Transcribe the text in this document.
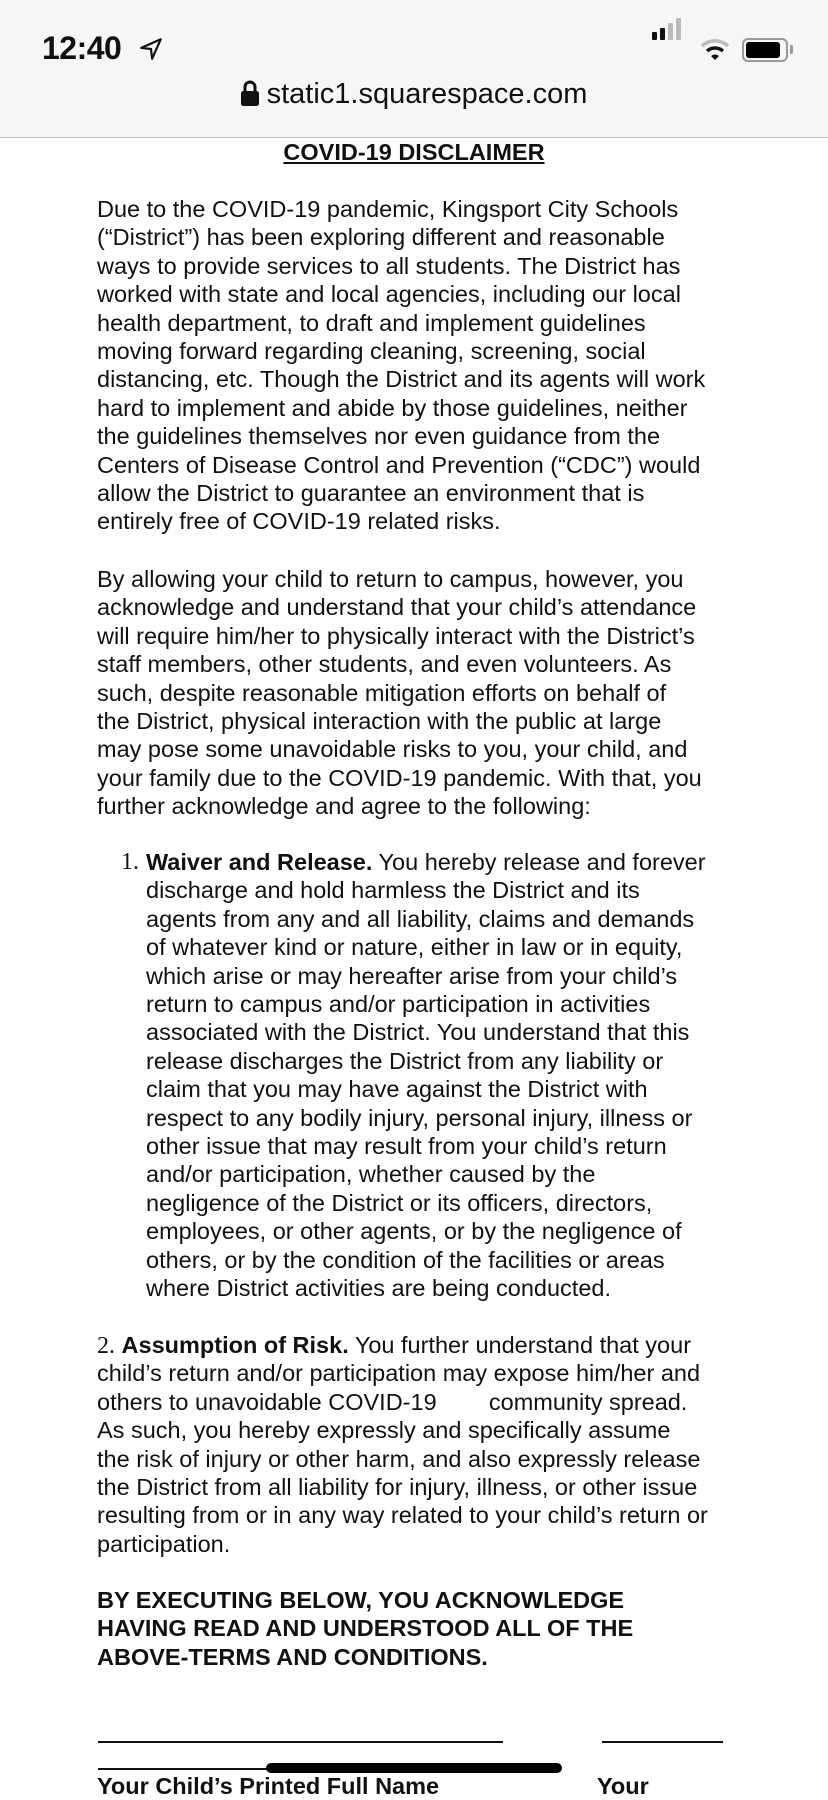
12:40
static1.squarespace.com
COVID-19 DISCLAIMER
Due to the COVID-19 pandemic, Kingsport City Schools
(“District”) has been exploring different and reasonable
ways to provide services to all students. The District has
worked with state and local agencies, including our local
health department, to draft and implement guidelines
moving forward regarding cleaning, screening, social
distancing, etc. Though the District and its agents will work
hard to implement and abide by those guidelines, neither
the guidelines themselves nor even guidance from the
Centers of Disease Control and Prevention (“CDC”) would
allow the District to guarantee an environment that is
entirely free of COVID-19 related risks.
By allowing your child to return to campus, however, you
acknowledge and understand that your child’s attendance
will require him/her to physically interact with the District’s
staff members, other students, and even volunteers. As
such, despite reasonable mitigation efforts on behalf of
the District, physical interaction with the public at large
may pose some unavoidable risks to you, your child, and
your family due to the COVID-19 pandemic. With that, you
further acknowledge and agree to the following:
1. Waiver and Release. You hereby release and forever
discharge and hold harmless the District and its
agents from any and all liability, claims and demands
of whatever kind or nature, either in law or in equity,
which arise or may hereafter arise from your child’s
return to campus and/or participation in activities
associated with the District. You understand that this
release discharges the District from any liability or
claim that you may have against the District with
respect to any bodily injury, personal injury, illness or
other issue that may result from your child’s return
and/or participation, whether caused by the
negligence of the District or its officers, directors,
employees, or other agents, or by the negligence of
others, or by the condition of the facilities or areas
where District activities are being conducted.
2. Assumption of Risk. You further understand that your
child’s return and/or participation may expose him/her and
others to unavoidable COVID-19        community spread.
As such, you hereby expressly and specifically assume
the risk of injury or other harm, and also expressly release
the District from all liability for injury, illness, or other issue
resulting from or in any way related to your child’s return or
participation.
BY EXECUTING BELOW, YOU ACKNOWLEDGE
HAVING READ AND UNDERSTOOD ALL OF THE
ABOVE-TERMS AND CONDITIONS.
Your Child’s Printed Full Name	Your
